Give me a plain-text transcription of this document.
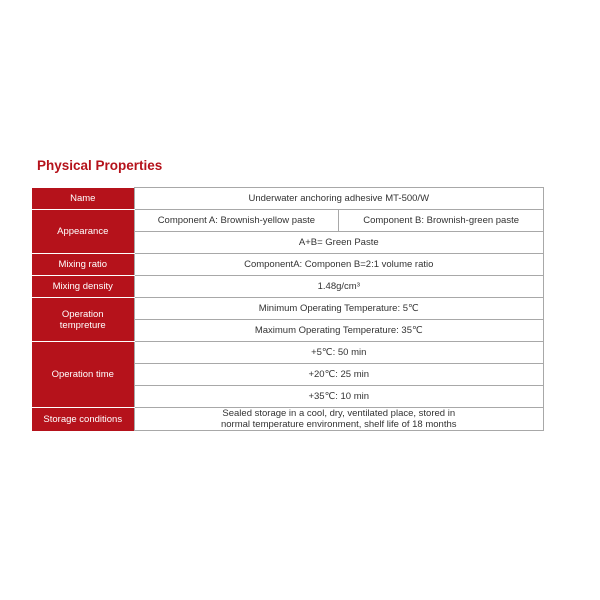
Physical Properties
Name	Underwater anchoring adhesive MT-500/W	
Appearance	Component A: Brownish-yellow paste	Component B: Brownish-green paste
	A+B= Green Paste	
Mixing ratio	ComponentA: Componen B=2:1 volume ratio	
Mixing density	1.48g/cm³	

Operation
tempreture	Minimum Operating Temperature: 5℃	
	Maximum Operating Temperature: 35℃	
Operation time	+5℃: 50 min	
	+20℃: 25 min	
	+35℃: 10 min	
Storage conditions	Sealed storage in a cool, dry, ventilated place, stored in
normal temperature environment, shelf life of 18 months	
